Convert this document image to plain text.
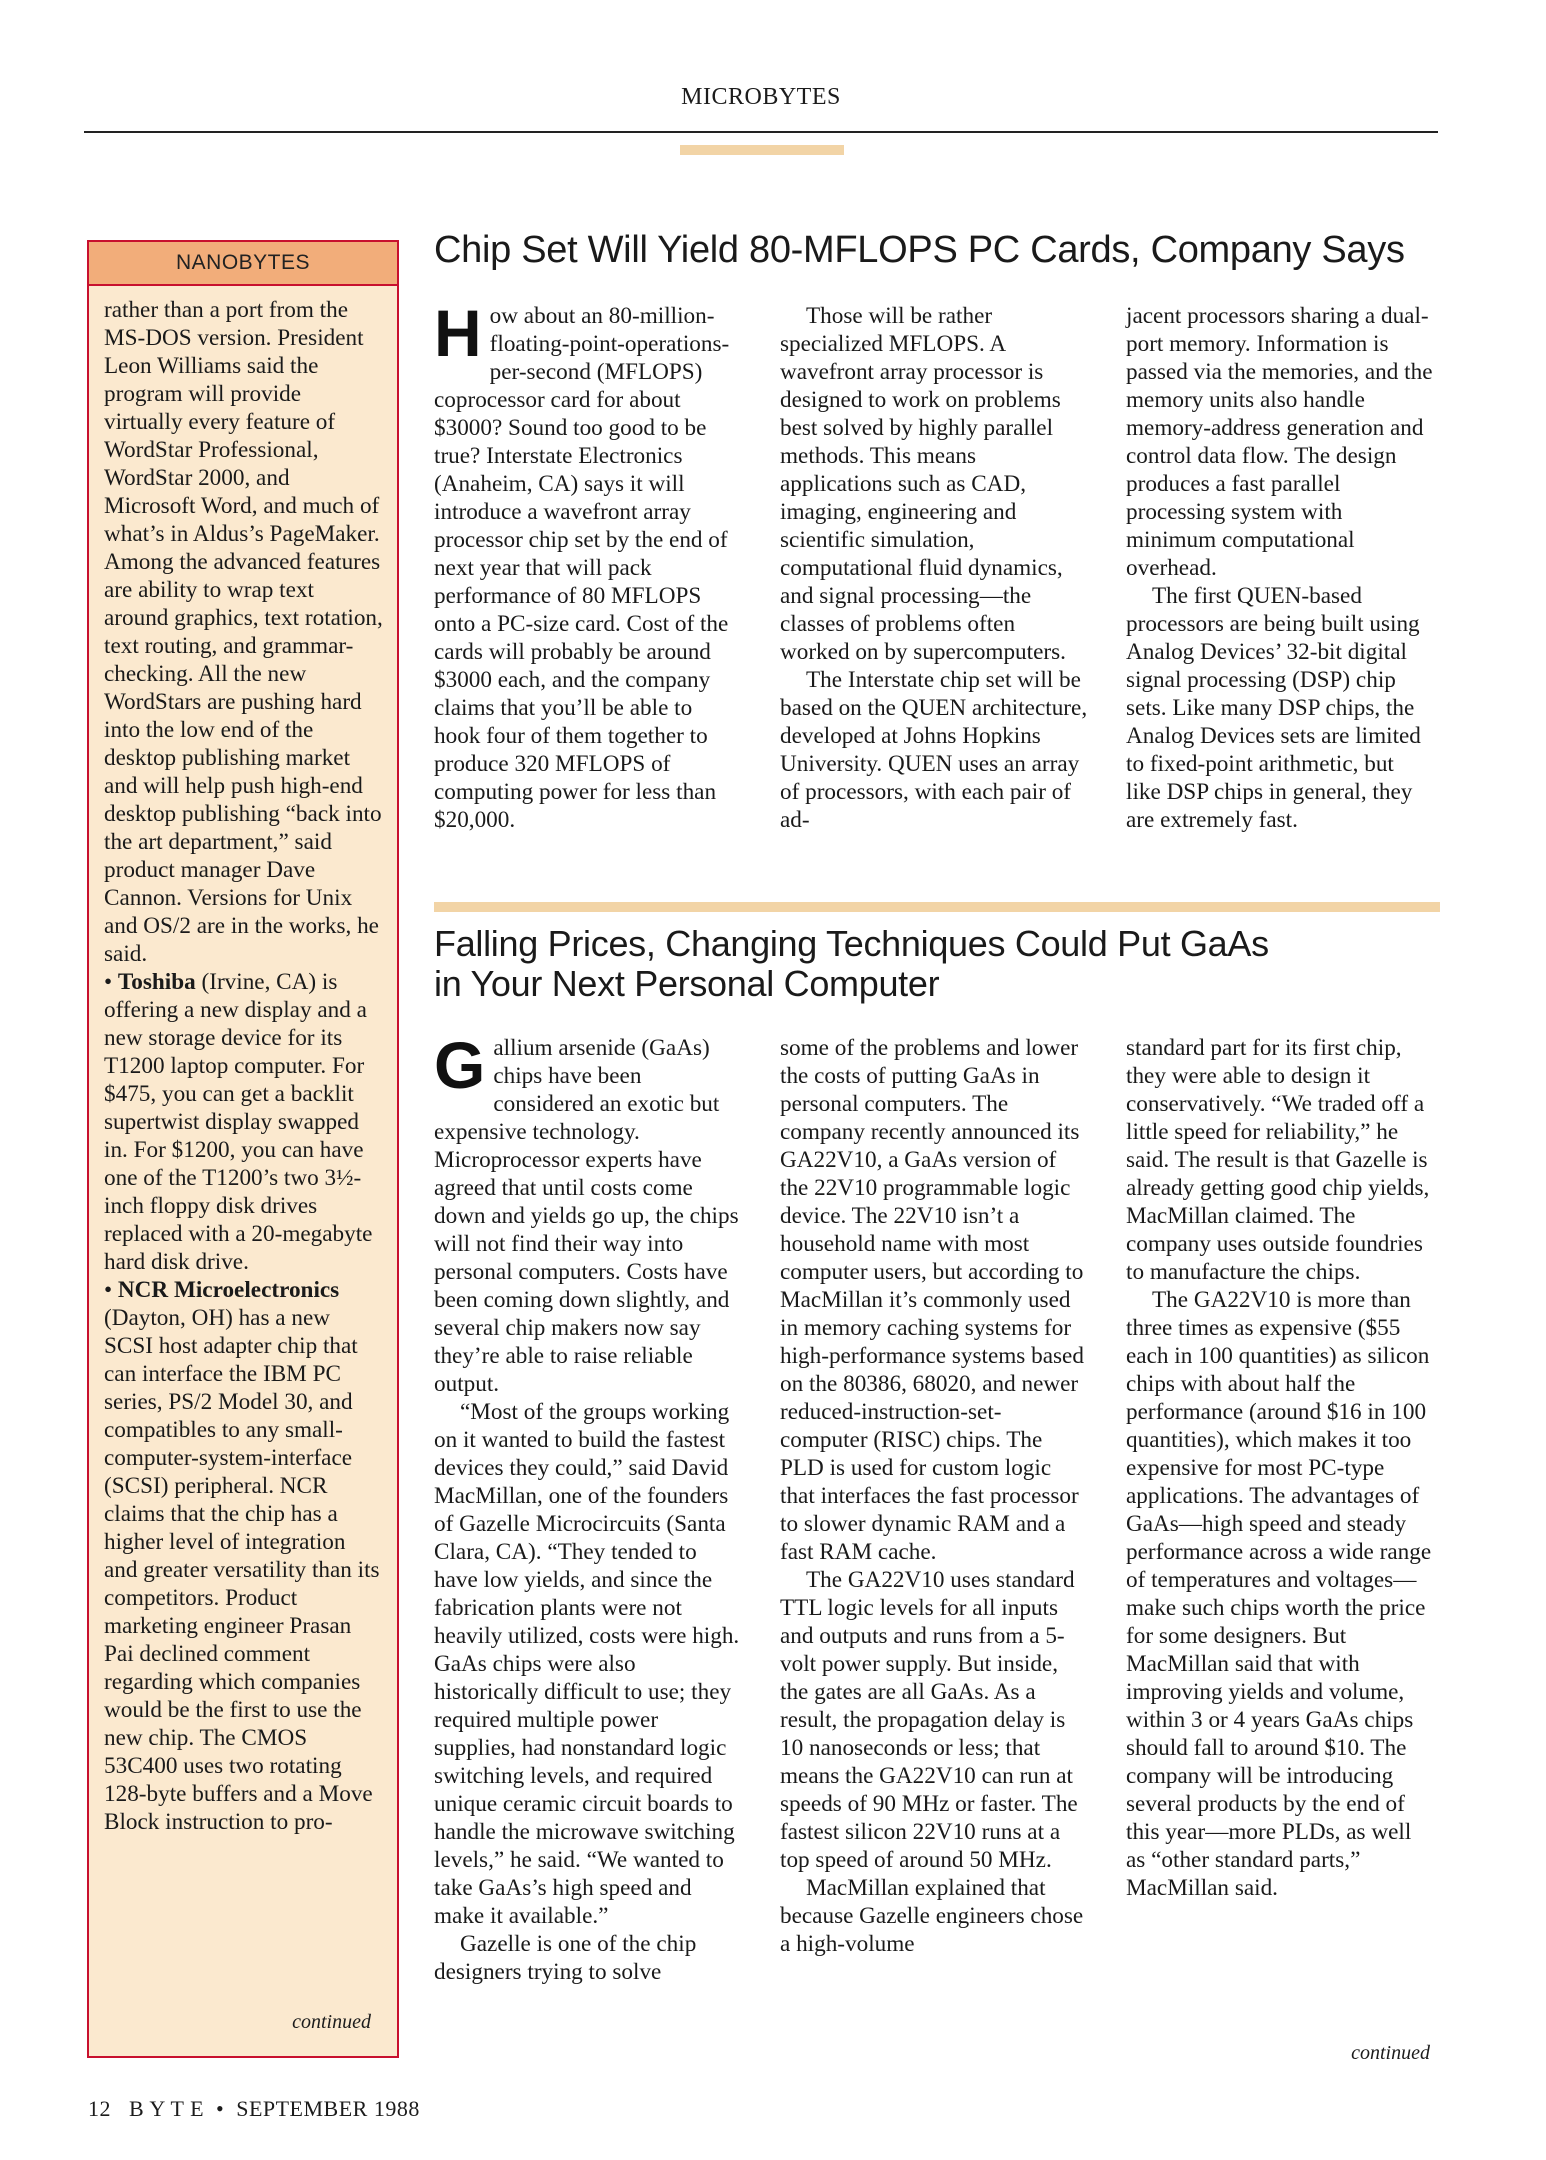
MICROBYTES
NANOBYTES

rather than a port from the MS-DOS version. President Leon Williams said the program will provide virtually every feature of WordStar Professional, WordStar 2000, and Microsoft Word, and much of what’s in Aldus’s PageMaker. Among the advanced features are ability to wrap text around graphics, text rotation, text routing, and grammar-checking. All the new WordStars are pushing hard into the low end of the desktop publishing market and will help push high-end desktop publishing “back into the art department,” said product manager Dave Cannon. Versions for Unix and OS/2 are in the works, he said.

• Toshiba (Irvine, CA) is offering a new display and a new storage device for its T1200 laptop computer. For $475, you can get a backlit supertwist display swapped in. For $1200, you can have one of the T1200’s two 3½-inch floppy disk drives replaced with a 20-megabyte hard disk drive.

• NCR Microelectronics (Dayton, OH) has a new SCSI host adapter chip that can interface the IBM PC series, PS/2 Model 30, and compatibles to any small-computer-system-interface (SCSI) peripheral. NCR claims that the chip has a higher level of integration and greater versatility than its competitors. Product marketing engineer Prasan Pai declined comment regarding which companies would be the first to use the new chip. The CMOS 53C400 uses two rotating 128-byte buffers and a Move Block instruction to pro-

continued
Chip Set Will Yield 80-MFLOPS PC Cards, Company Says

How about an 80-million-floating-point-operations-per-second (MFLOPS) coprocessor card for about $3000? Sound too good to be true? Interstate Electronics (Anaheim, CA) says it will introduce a wavefront array processor chip set by the end of next year that will pack performance of 80 MFLOPS onto a PC-size card. Cost of the cards will probably be around $3000 each, and the company claims that you’ll be able to hook four of them together to produce 320 MFLOPS of computing power for less than $20,000.

Those will be rather specialized MFLOPS. A wavefront array processor is designed to work on problems best solved by highly parallel methods. This means applications such as CAD, imaging, engineering and scientific simulation, computational fluid dynamics, and signal processing—the classes of problems often worked on by supercomputers.

The Interstate chip set will be based on the QUEN architecture, developed at Johns Hopkins University. QUEN uses an array of processors, with each pair of ad-

jacent processors sharing a dual-port memory. Information is passed via the memories, and the memory units also handle memory-address generation and control data flow. The design produces a fast parallel processing system with minimum computational overhead.

The first QUEN-based processors are being built using Analog Devices’ 32-bit digital signal processing (DSP) chip sets. Like many DSP chips, the Analog Devices sets are limited to fixed-point arithmetic, but like DSP chips in general, they are extremely fast.

Falling Prices, Changing Techniques Could Put GaAs
in Your Next Personal Computer

Gallium arsenide (GaAs) chips have been considered an exotic but expensive technology. Microprocessor experts have agreed that until costs come down and yields go up, the chips will not find their way into personal computers. Costs have been coming down slightly, and several chip makers now say they’re able to raise reliable output.

“Most of the groups working on it wanted to build the fastest devices they could,” said David MacMillan, one of the founders of Gazelle Microcircuits (Santa Clara, CA). “They tended to have low yields, and since the fabrication plants were not heavily utilized, costs were high. GaAs chips were also historically difficult to use; they required multiple power supplies, had nonstandard logic switching levels, and required unique ceramic circuit boards to handle the microwave switching levels,” he said. “We wanted to take GaAs’s high speed and make it available.”

Gazelle is one of the chip designers trying to solve

some of the problems and lower the costs of putting GaAs in personal computers. The company recently announced its GA22V10, a GaAs version of the 22V10 programmable logic device. The 22V10 isn’t a household name with most computer users, but according to MacMillan it’s commonly used in memory caching systems for high-performance systems based on the 80386, 68020, and newer reduced-instruction-set-computer (RISC) chips. The PLD is used for custom logic that interfaces the fast processor to slower dynamic RAM and a fast RAM cache.

The GA22V10 uses standard TTL logic levels for all inputs and outputs and runs from a 5-volt power supply. But inside, the gates are all GaAs. As a result, the propagation delay is 10 nanoseconds or less; that means the GA22V10 can run at speeds of 90 MHz or faster. The fastest silicon 22V10 runs at a top speed of around 50 MHz.

MacMillan explained that because Gazelle engineers chose a high-volume

standard part for its first chip, they were able to design it conservatively. “We traded off a little speed for reliability,” he said. The result is that Gazelle is already getting good chip yields, MacMillan claimed. The company uses outside foundries to manufacture the chips.

The GA22V10 is more than three times as expensive ($55 each in 100 quantities) as silicon chips with about half the performance (around $16 in 100 quantities), which makes it too expensive for most PC-type applications. The advantages of GaAs—high speed and steady performance across a wide range of temperatures and voltages—make such chips worth the price for some designers. But MacMillan said that with improving yields and volume, within 3 or 4 years GaAs chips should fall to around $10. The company will be introducing several products by the end of this year—more PLDs, as well as “other standard parts,” MacMillan said.

continued
12   B Y T E  •  SEPTEMBER 1988
